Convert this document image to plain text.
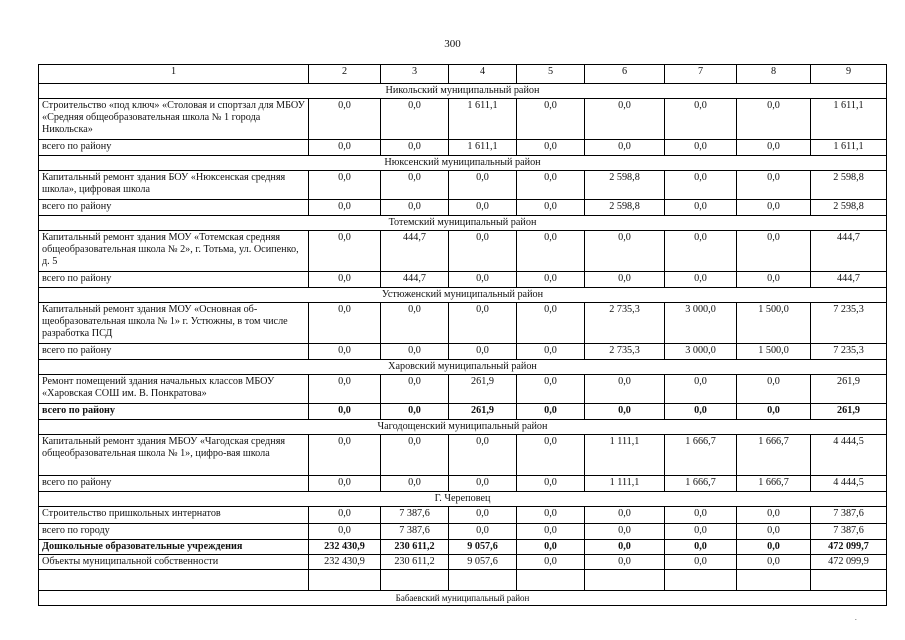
300
1	2	3	4	5	6	7	8	9
Никольский муниципальный район								
Строительство «под ключ» «Столовая и спортзал для МБОУ «Средняя общеобразовательная школа № 1 города Никольска»	0,0	0,0	1 611,1	0,0	0,0	0,0	0,0	1 611,1
всего по району	0,0	0,0	1 611,1	0,0	0,0	0,0	0,0	1 611,1
Нюксенский муниципальный район								
Капитальный ремонт здания БОУ «Нюксенская средняя школа», цифровая школа	0,0	0,0	0,0	0,0	2 598,8	0,0	0,0	2 598,8
всего по району	0,0	0,0	0,0	0,0	2 598,8	0,0	0,0	2 598,8
Тотемский муниципальный район								
Капитальный ремонт здания МОУ «Тотемская средняя общеобразовательная школа № 2», г. Тотьма, ул. Осипенко, д. 5	0,0	444,7	0,0	0,0	0,0	0,0	0,0	444,7
всего по району	0,0	444,7	0,0	0,0	0,0	0,0	0,0	444,7
Устюженский муниципальный район								
Капитальный ремонт здания МОУ «Основная об-щеобразовательная школа № 1» г. Устюжны, в том числе разработка ПСД	0,0	0,0	0,0	0,0	2 735,3	3 000,0	1 500,0	7 235,3
всего по району	0,0	0,0	0,0	0,0	2 735,3	3 000,0	1 500,0	7 235,3
Харовский муниципальный район								
Ремонт помещений здания начальных классов МБОУ «Харовская СОШ им. В. Понкратова»	0,0	0,0	261,9	0,0	0,0	0,0	0,0	261,9
всего по району	0,0	0,0	261,9	0,0	0,0	0,0	0,0	261,9
Чагодощенский муниципальный район								
Капитальный ремонт здания МБОУ «Чагодская средняя общеобразовательная школа № 1», цифро-вая школа	0,0	0,0	0,0	0,0	1 111,1	1 666,7	1 666,7	4 444,5
всего по району	0,0	0,0	0,0	0,0	1 111,1	1 666,7	1 666,7	4 444,5
Г. Череповец								
Строительство пришкольных интернатов	0,0	7 387,6	0,0	0,0	0,0	0,0	0,0	7 387,6
всего по городу	0,0	7 387,6	0,0	0,0	0,0	0,0	0,0	7 387,6
Дошкольные образовательные учреждения	232 430,9	230 611,2	9 057,6	0,0	0,0	0,0	0,0	472 099,7
Объекты муниципальной собственности	232 430,9	230 611,2	9 057,6	0,0	0,0	0,0	0,0	472 099,9

Бабаевский муниципальный район								
.
